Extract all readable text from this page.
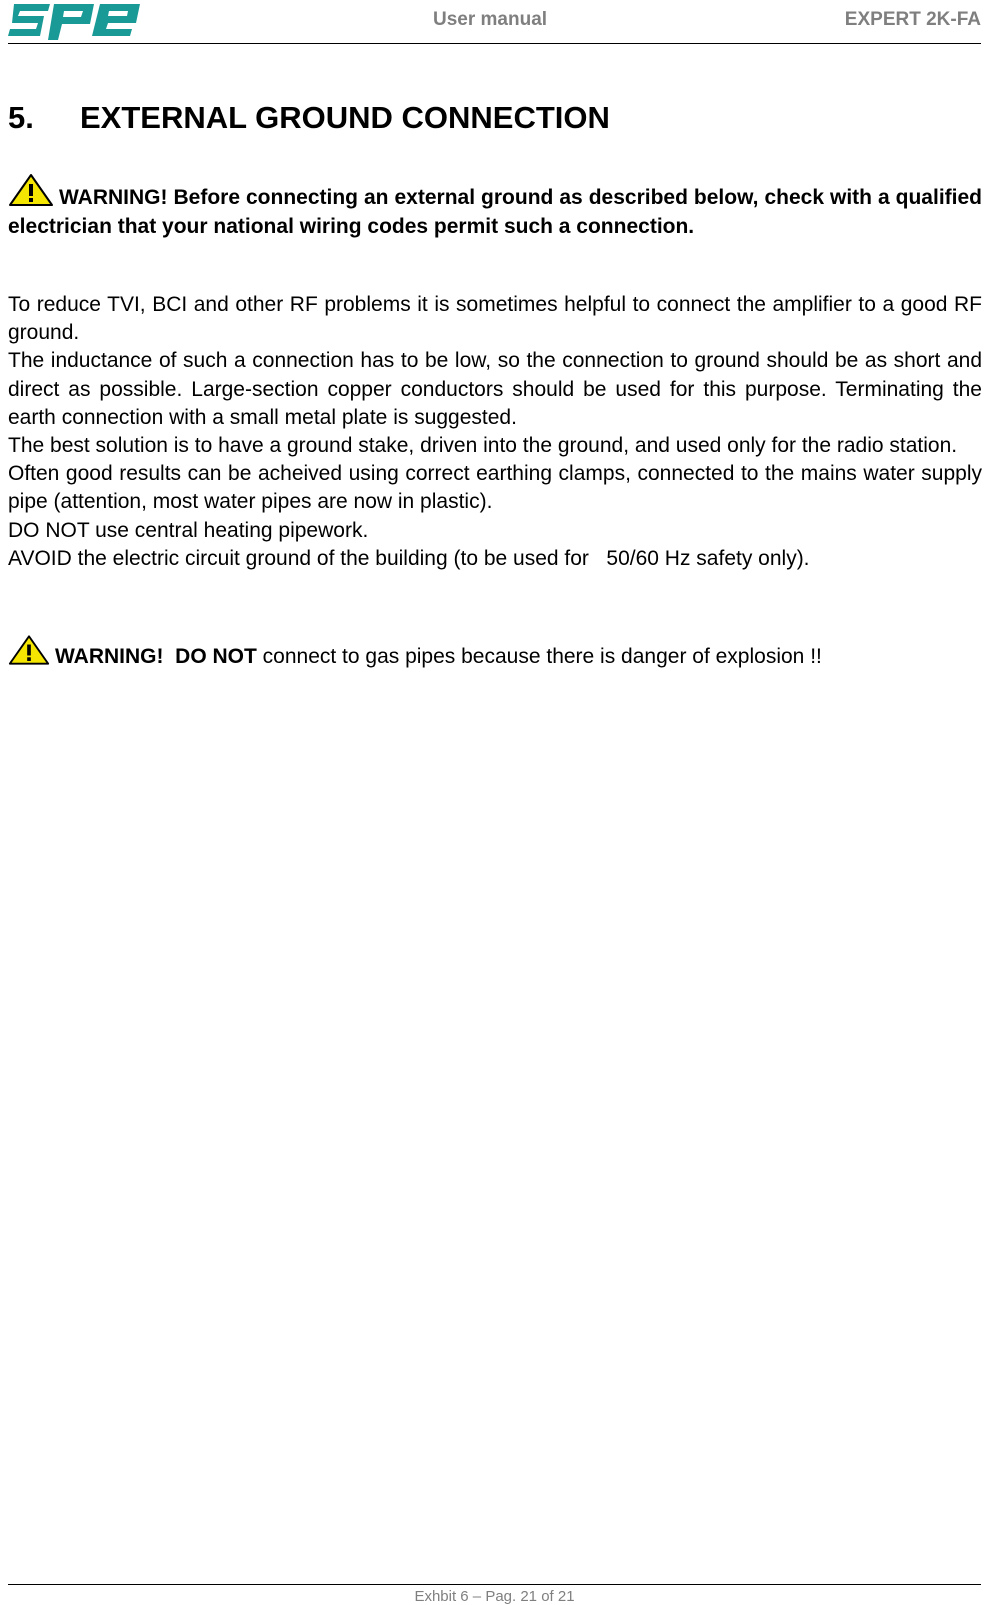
User manual	EXPERT 2K-FA
5. EXTERNAL GROUND CONNECTION
WARNING! Before connecting an external ground as described below, check with a qualified electrician that your national wiring codes permit such a connection.

To reduce TVI, BCI and other RF problems it is sometimes helpful to connect the amplifier to a good RF ground.

The inductance of such a connection has to be low, so the connection to ground should be as short and direct as possible. Large-section copper conductors should be used for this purpose. Terminating the earth connection with a small metal plate is suggested.

The best solution is to have a ground stake, driven into the ground, and used only for the radio station.

Often good results can be acheived using correct earthing clamps, connected to the mains water supply pipe (attention, most water pipes are now in plastic).

DO NOT use central heating pipework.

AVOID the electric circuit ground of the building (to be used for   50/60 Hz safety only).

WARNING!  DO NOT connect to gas pipes because there is danger of explosion !!
Exhbit 6 – Pag. 21 of 21
